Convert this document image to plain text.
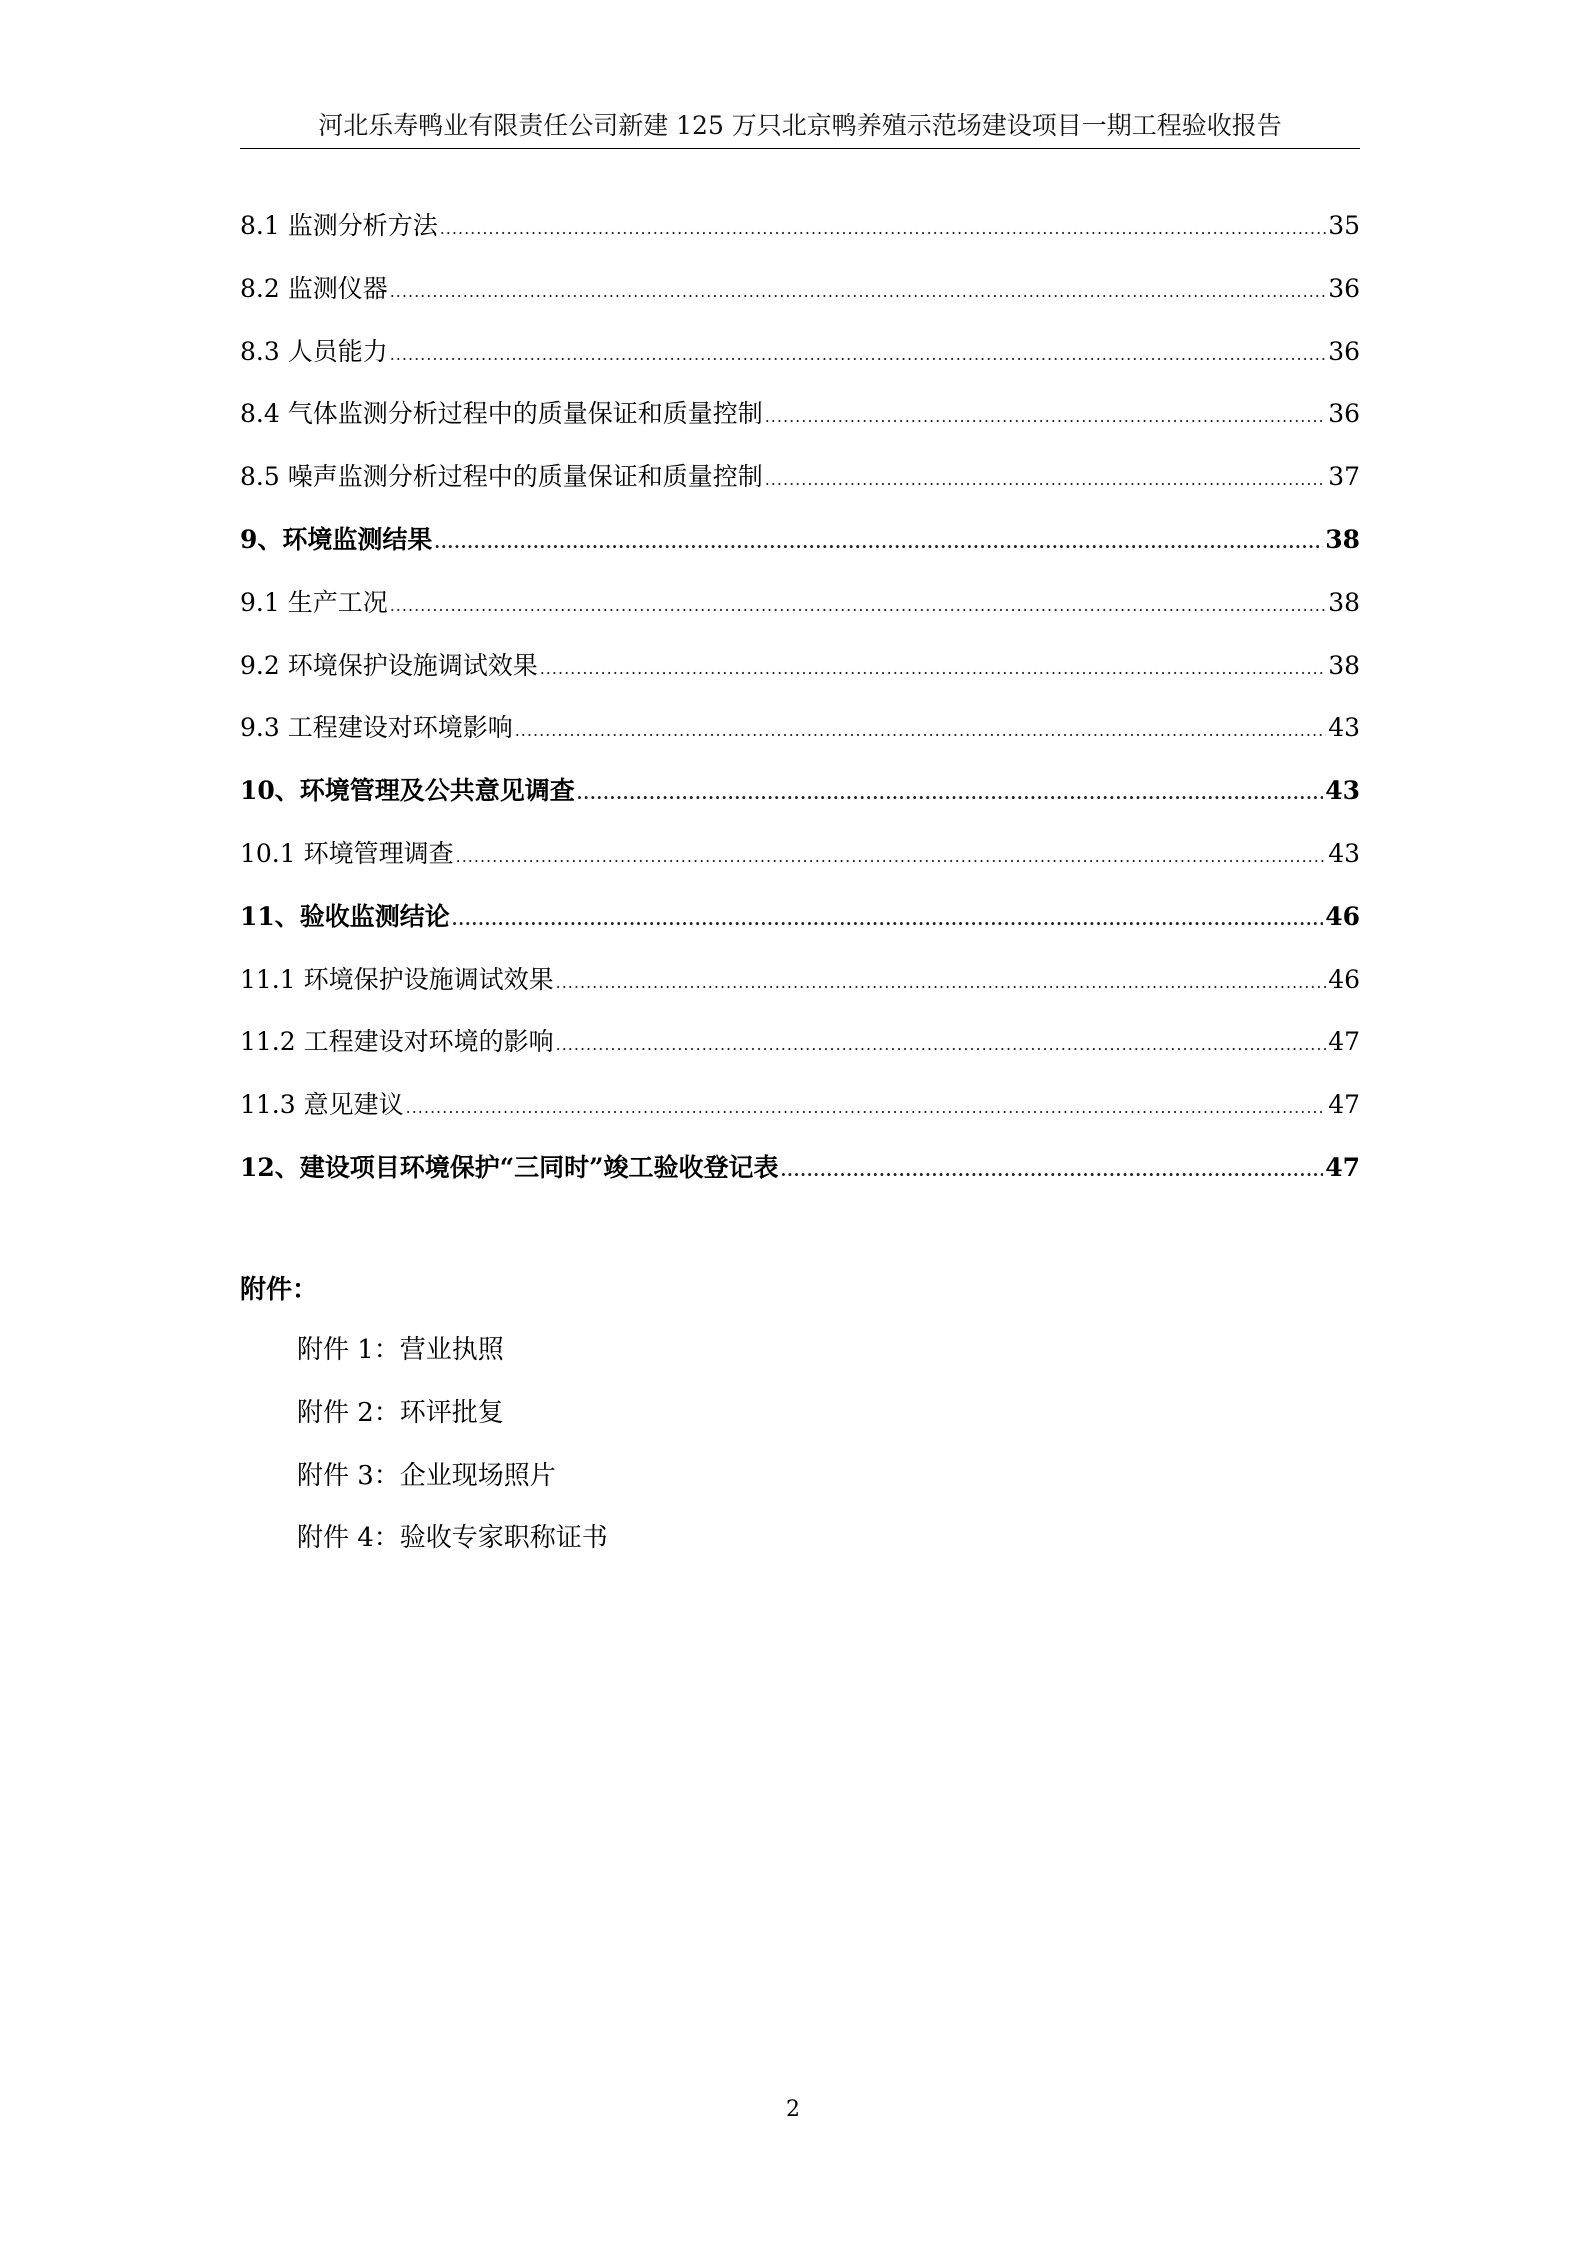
河北乐寿鸭业有限责任公司新建 125 万只北京鸭养殖示范场建设项目一期工程验收报告
8.1 监测分析方法 .....	35
8.2 监测仪器 .....	36
8.3 人员能力 .....	36
8.4 气体监测分析过程中的质量保证和质量控制 .....	36
8.5 噪声监测分析过程中的质量保证和质量控制 .....	37
9、环境监测结果 .....	38
9.1 生产工况 .....	38
9.2 环境保护设施调试效果 .....	38
9.3 工程建设对环境影响 .....	43
10、环境管理及公共意见调查 .....	43
10.1 环境管理调查 .....	43
11、验收监测结论 .....	46
11.1 环境保护设施调试效果 .....	46
11.2 工程建设对环境的影响 .....	47
11.3 意见建议 .....	47
12、建设项目环境保护“三同时”竣工验收登记表 .....	47
附件：
附件 1：营业执照
附件 2：环评批复
附件 3：企业现场照片
附件 4：验收专家职称证书
2
